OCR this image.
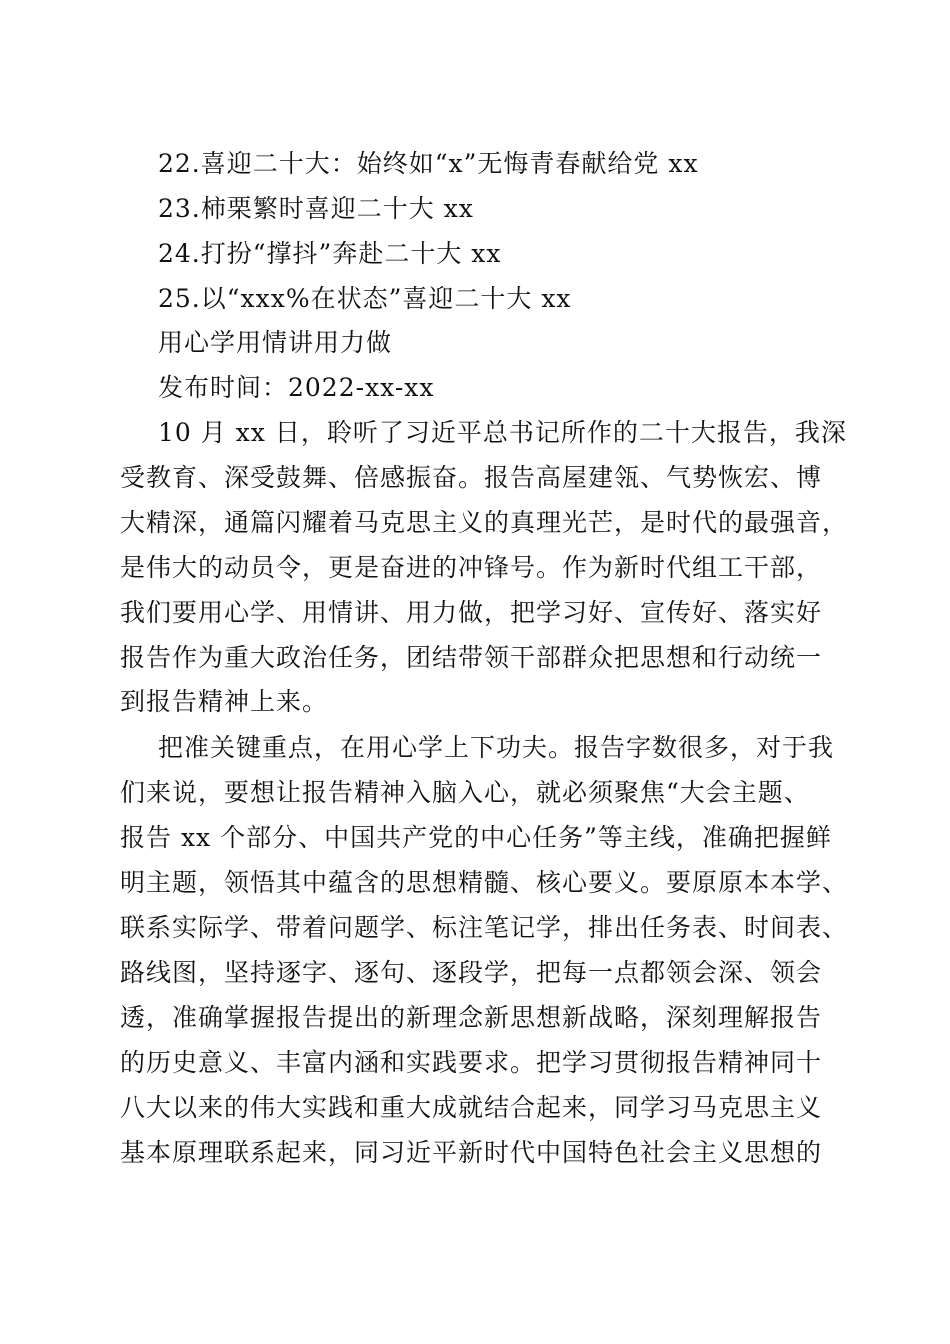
22.喜迎二十大：始终如“x”无悔青春献给党 xx
23.柿栗繁时喜迎二十大 xx
24.打扮“撑抖”奔赴二十大 xx
25.以“xxx%在状态”喜迎二十大 xx
用心学用情讲用力做
发布时间：2022-xx-xx
10 月 xx 日，聆听了习近平总书记所作的二十大报告，我深
受教育、深受鼓舞、倍感振奋。报告高屋建瓴、气势恢宏、博
大精深，通篇闪耀着马克思主义的真理光芒，是时代的最强音，
是伟大的动员令，更是奋进的冲锋号。作为新时代组工干部，
我们要用心学、用情讲、用力做，把学习好、宣传好、落实好
报告作为重大政治任务，团结带领干部群众把思想和行动统一
到报告精神上来。
把准关键重点，在用心学上下功夫。报告字数很多，对于我
们来说，要想让报告精神入脑入心，就必须聚焦“大会主题、
报告 xx 个部分、中国共产党的中心任务”等主线，准确把握鲜
明主题，领悟其中蕴含的思想精髓、核心要义。要原原本本学、
联系实际学、带着问题学、标注笔记学，排出任务表、时间表、
路线图，坚持逐字、逐句、逐段学，把每一点都领会深、领会
透，准确掌握报告提出的新理念新思想新战略，深刻理解报告
的历史意义、丰富内涵和实践要求。把学习贯彻报告精神同十
八大以来的伟大实践和重大成就结合起来，同学习马克思主义
基本原理联系起来，同习近平新时代中国特色社会主义思想的
